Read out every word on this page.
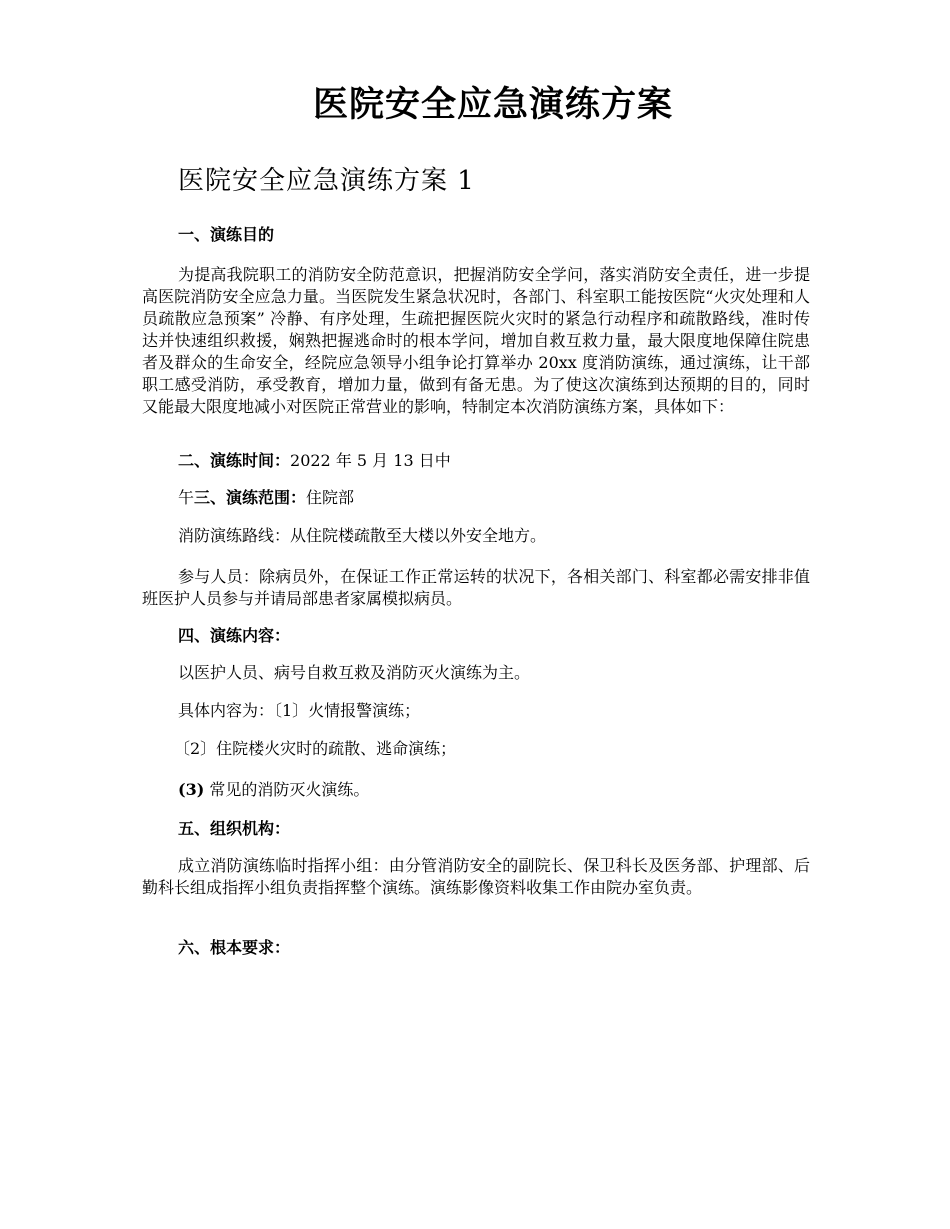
医院安全应急演练方案
医院安全应急演练方案 1

一、演练目的

为提高我院职工的消防安全防范意识，把握消防安全学问，落实消防安全责任，进一步提高医院消防安全应急力量。当医院发生紧急状况时，各部门、科室职工能按医院“火灾处理和人员疏散应急预案” 冷静、有序处理，生疏把握医院火灾时的紧急行动程序和疏散路线，准时传达并快速组织救援，娴熟把握逃命时的根本学问，增加自救互救力量，最大限度地保障住院患者及群众的生命安全，经院应急领导小组争论打算举办 20xx 度消防演练，通过演练，让干部职工感受消防，承受教育，增加力量，做到有备无患。为了使这次演练到达预期的目的，同时又能最大限度地减小对医院正常营业的影响，特制定本次消防演练方案，具体如下：

二、演练时间：2022 年 5 月 13 日中

午三、演练范围：住院部

消防演练路线：从住院楼疏散至大楼以外安全地方。

参与人员：除病员外，在保证工作正常运转的状况下，各相关部门、科室都必需安排非值班医护人员参与并请局部患者家属模拟病员。

四、演练内容：

以医护人员、病号自救互救及消防灭火演练为主。

具体内容为：〔1〕火情报警演练；

〔2〕住院楼火灾时的疏散、逃命演练；

(3) 常见的消防灭火演练。

五、组织机构：

成立消防演练临时指挥小组：由分管消防安全的副院长、保卫科长及医务部、护理部、后勤科长组成指挥小组负责指挥整个演练。演练影像资料收集工作由院办室负责。

六、根本要求：
